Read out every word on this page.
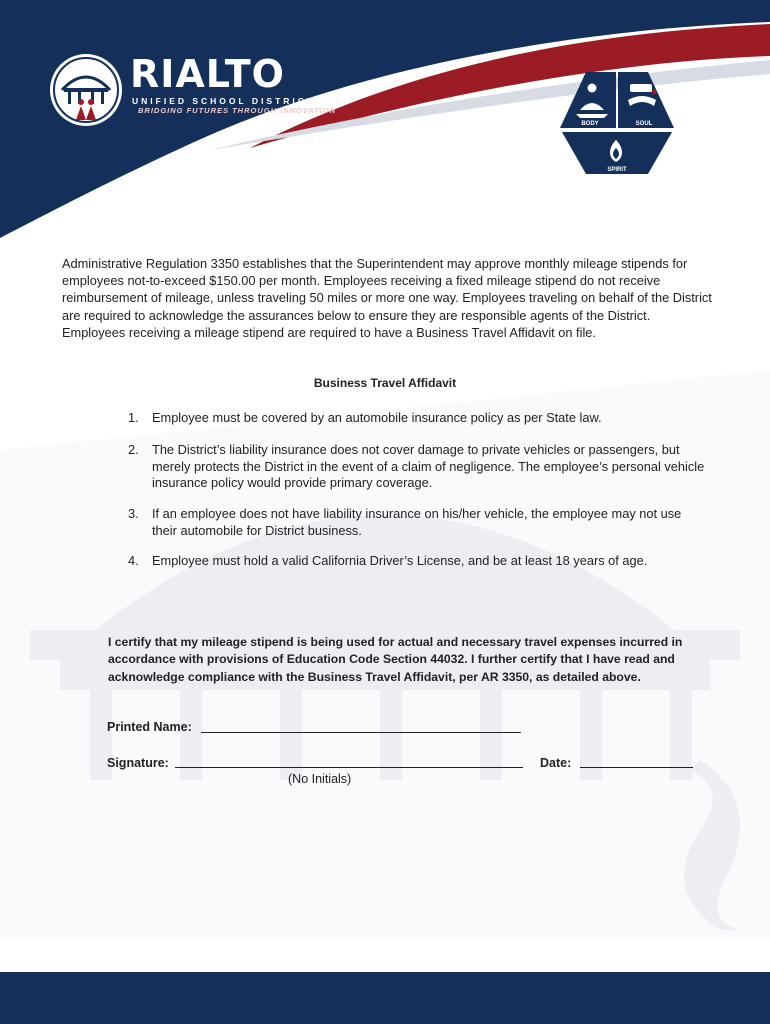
RIALTO
UNIFIED SCHOOL DISTRICT
BRIDGING FUTURES THROUGH INNOVATION
BODY	SOUL
SPIRIT
Administrative Regulation 3350 establishes that the Superintendent may approve monthly mileage stipends for employees not-to-exceed $150.00 per month. Employees receiving a fixed mileage stipend do not receive reimbursement of mileage, unless traveling 50 miles or more one way. Employees traveling on behalf of the District are required to acknowledge the assurances below to ensure they are responsible agents of the District. Employees receiving a mileage stipend are required to have a Business Travel Affidavit on file.
Business Travel Affidavit
1.	Employee must be covered by an automobile insurance policy as per State law.
2.	The District’s liability insurance does not cover damage to private vehicles or passengers, but merely protects the District in the event of a claim of negligence. The employee’s personal vehicle insurance policy would provide primary coverage.
3.	If an employee does not have liability insurance on his/her vehicle, the employee may not use their automobile for District business.
4.	Employee must hold a valid California Driver’s License, and be at least 18 years of age.
I certify that my mileage stipend is being used for actual and necessary travel expenses incurred in accordance with provisions of Education Code Section 44032. I further certify that I have read and acknowledge compliance with the Business Travel Affidavit, per AR 3350, as detailed above.
Printed Name:
Signature:
(No Initials)
Date:
